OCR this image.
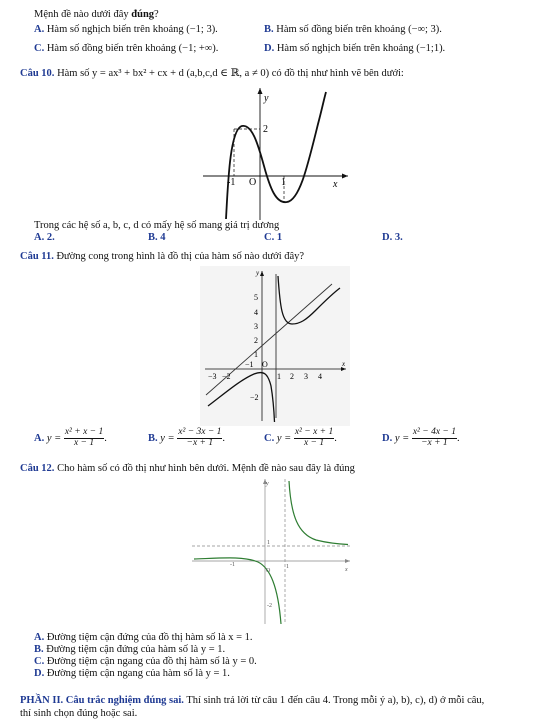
Mệnh đề nào dưới đây đúng?
A. Hàm số nghịch biến trên khoảng (−1; 3).	B. Hàm số đồng biến trên khoảng (−∞; 3).
C. Hàm số đồng biến trên khoảng (−1; +∞).	D. Hàm số nghịch biến trên khoảng (−1;1).
Câu 10. Hàm số y = ax³ + bx² + cx + d (a,b,c,d ∈ ℝ, a ≠ 0) có đồ thị như hình vẽ bên dưới:
y
x
2
-1 O 1
Trong các hệ số a, b, c, d có mấy hệ số mang giá trị dương
A. 2.	B. 4	C. 1	D. 3.
Câu 11. Đường cong trong hình là đồ thị của hàm số nào dưới đây?
y
x
5
4
3
2
1
−1 O
−2
−3 −2	1 2 3 4
A. $y = \frac{\text{x² + x − 1}}{x - 1}$ .	B. $y = \frac{\text{x² − 3x − 1}}{-x + 1}$ .	C. $y = \frac{\text{x² − x + 1}}{x - 1}$ .	D. $y = \frac{\text{x² − 4x − 1}}{-x + 1}$ .
Câu 12. Cho hàm số có đồ thị như hình bên dưới. Mệnh đề nào sau đây là đúng
y
x
O
1
1
-1
-2
A. Đường tiệm cận đứng của đồ thị hàm số là x = 1.
B. Đường tiệm cận đứng của hàm số là y = 1.
C. Đường tiệm cận ngang của đồ thị hàm số là y = 0.
D. Đường tiệm cận ngang của hàm số là y = 1.
PHẦN II. Câu trắc nghiệm đúng sai. Thí sinh trả lời từ câu 1 đến câu 4. Trong mỗi ý a), b), c), d) ở mỗi câu,
thí sinh chọn đúng hoặc sai.
